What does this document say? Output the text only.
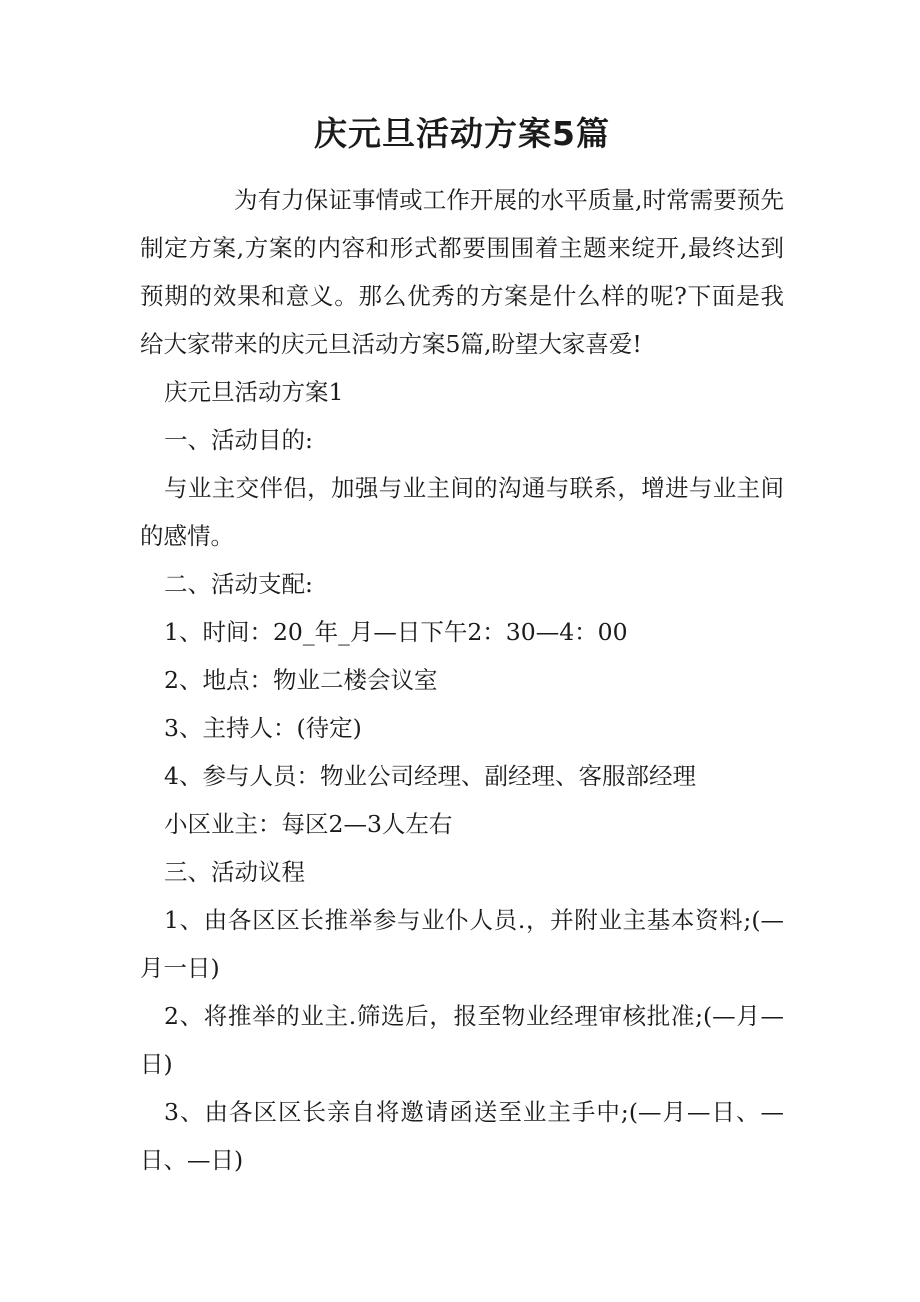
庆元旦活动方案5篇

为有力保证事情或工作开展的水平质量,时常需要预先制定方案,方案的内容和形式都要围围着主题来绽开,最终达到预期的效果和意义。那么优秀的方案是什么样的呢?下面是我给大家带来的庆元旦活动方案5篇,盼望大家喜爱!

庆元旦活动方案1

一、活动目的:

与业主交伴侣，加强与业主间的沟通与联系，增进与业主间的感情。

二、活动支配:

1、时间：20_年_月—日下午2：30—4：00

2、地点：物业二楼会议室

3、主持人：(待定)

4、参与人员：物业公司经理、副经理、客服部经理

小区业主：每区2—3人左右

三、活动议程

1、由各区区长推举参与业仆人员.，并附业主基本资料;(—月一日)

2、将推举的业主.筛选后，报至物业经理审核批准;(—月—日)

3、由各区区长亲自将邀请函送至业主手中;(—月—日、—日、—日)
